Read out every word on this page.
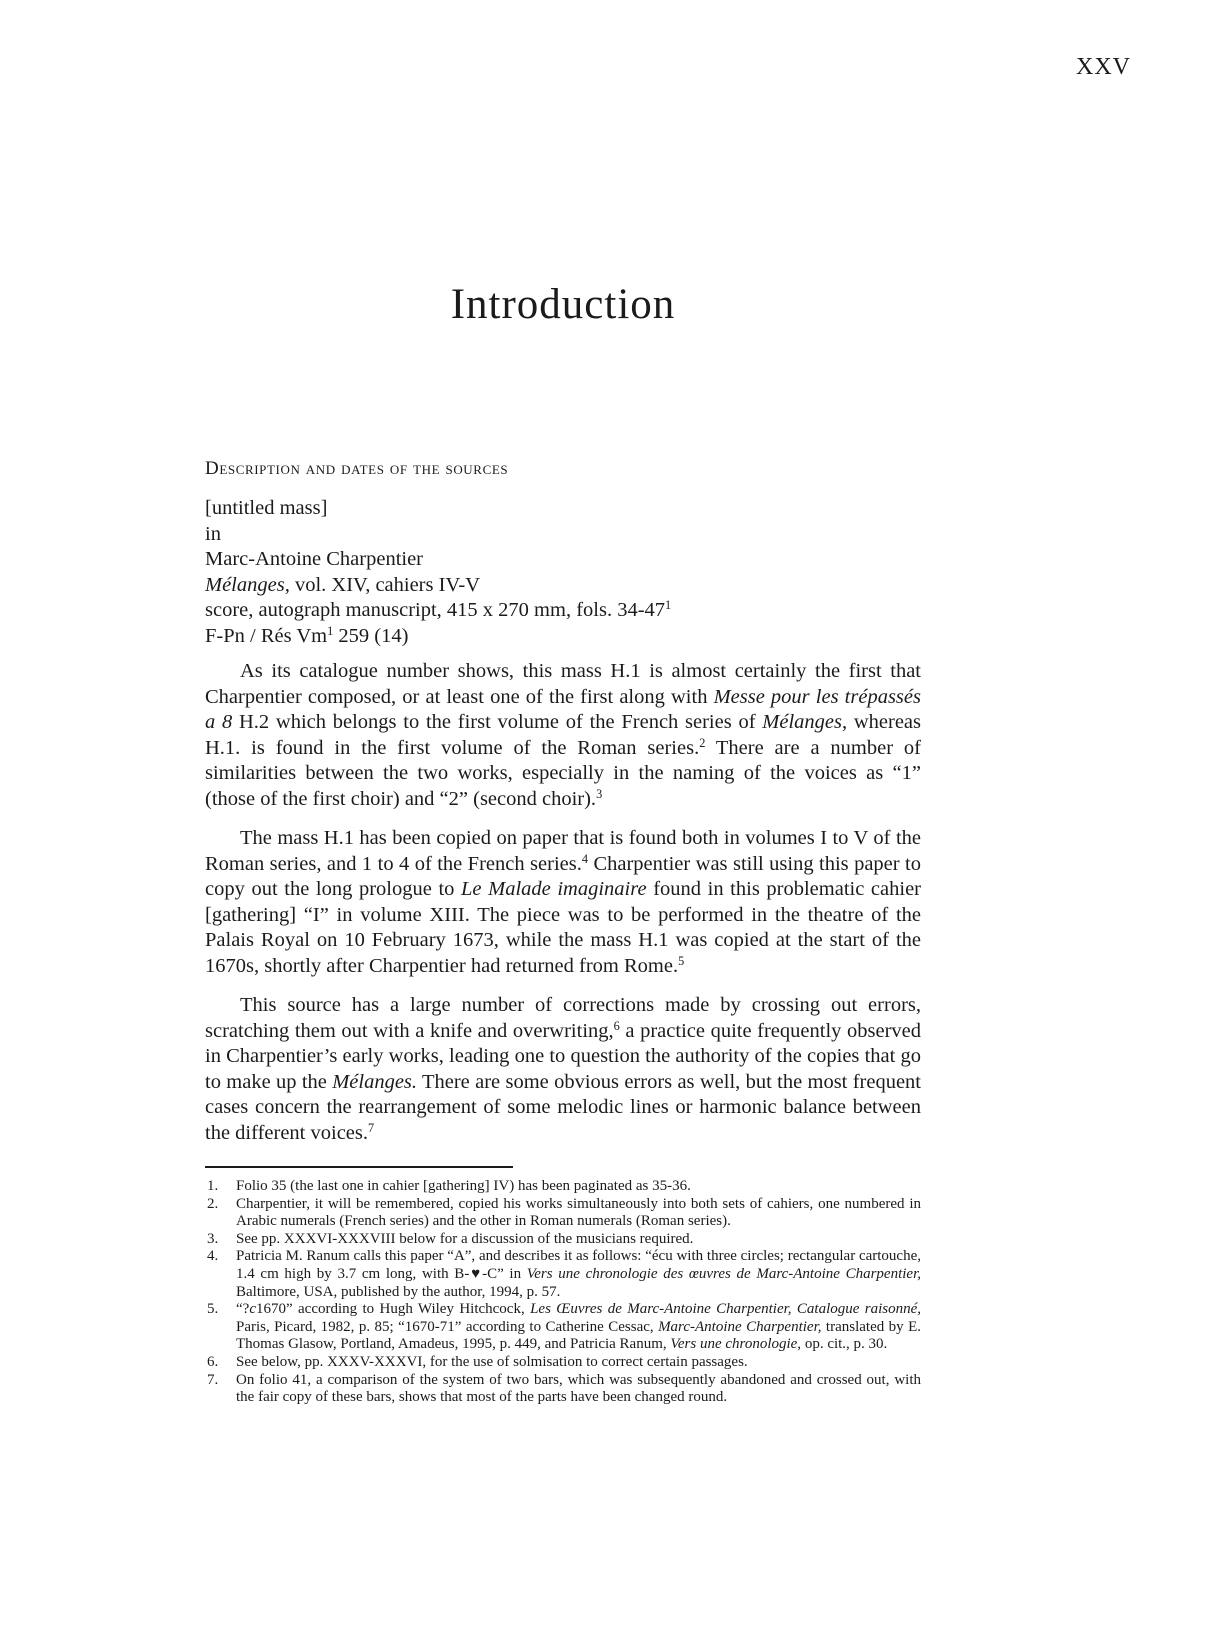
XXV
Introduction
Description and dates of the sources
[untitled mass]
in
Marc-Antoine Charpentier
Mélanges, vol. XIV, cahiers IV-V
score, autograph manuscript, 415 x 270 mm, fols. $34-47^1$
F-Pn / Rés Vm$^1$ 259 (14)

As its catalogue number shows, this mass H.1 is almost certainly the first that Charpentier composed, or at least one of the first along with Messe pour les trépassés a 8 H.2 which belongs to the first volume of the French series of Mélanges, whereas H.1. is found in the first volume of the Roman series.$^2$ There are a number of similarities between the two works, especially in the naming of the voices as “1” (those of the first choir) and “2” (second choir).$^3$

The mass H.1 has been copied on paper that is found both in volumes I to V of the Roman series, and 1 to 4 of the French series.$^4$ Charpentier was still using this paper to copy out the long prologue to Le Malade imaginaire found in this problematic cahier [gathering] “I” in volume XIII. The piece was to be performed in the theatre of the Palais Royal on 10 February 1673, while the mass H.1 was copied at the start of the 1670s, shortly after Charpentier had returned from Rome.$^5$

This source has a large number of corrections made by crossing out errors, scratching them out with a knife and overwriting,$^6$ a practice quite frequently observed in Charpentier’s early works, leading one to question the authority of the copies that go to make up the Mélanges. There are some obvious errors as well, but the most frequent cases concern the rearrangement of some melodic lines or harmonic balance between the different voices.$^7$

1. Folio 35 (the last one in cahier [gathering] IV) has been paginated as 35-36.
2. Charpentier, it will be remembered, copied his works simultaneously into both sets of cahiers, one numbered in Arabic numerals (French series) and the other in Roman numerals (Roman series).
3. See pp. XXXVI-XXXVIII below for a discussion of the musicians required.
4. Patricia M. Ranum calls this paper “A”, and describes it as follows: “écu with three circles; rectangular cartouche, 1.4 cm high by 3.7 cm long, with B-♥-C” in Vers une chronologie des œuvres de Marc-Antoine Charpentier, Baltimore, USA, published by the author, 1994, p. 57.
5. “?c1670” according to Hugh Wiley Hitchcock, Les Œuvres de Marc-Antoine Charpentier, Catalogue raisonné, Paris, Picard, 1982, p. 85; “1670-71” according to Catherine Cessac, Marc-Antoine Charpentier, translated by E. Thomas Glasow, Portland, Amadeus, 1995, p. 449, and Patricia Ranum, Vers une chronologie, op. cit., p. 30.
6. See below, pp. XXXV-XXXVI, for the use of solmisation to correct certain passages.
7. On folio 41, a comparison of the system of two bars, which was subsequently abandoned and crossed out, with the fair copy of these bars, shows that most of the parts have been changed round.
